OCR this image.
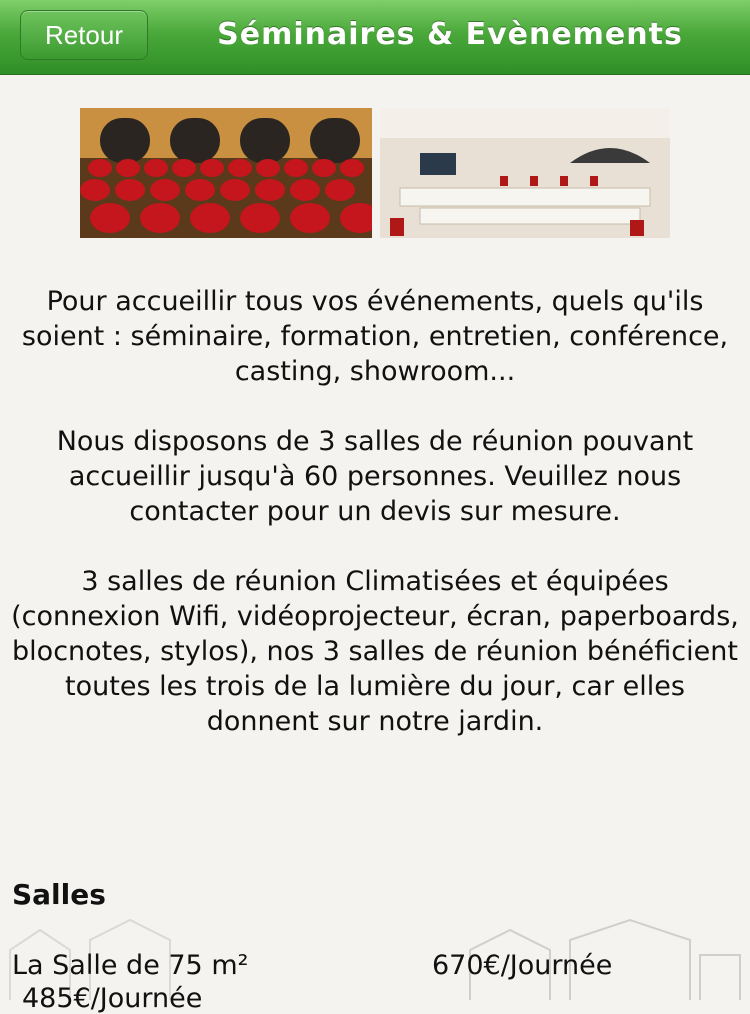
Retour	Séminaires & Evènements

Pour accueillir tous vos événements, quels qu'ils soient : séminaire, formation, entretien, conférence, casting, showroom...

Nous disposons de 3 salles de réunion pouvant accueillir jusqu'à 60 personnes. Veuillez nous contacter pour un devis sur mesure.

3 salles de réunion Climatisées et équipées (connexion Wifi, vidéoprojecteur, écran, paperboards, blocnotes, stylos), nos 3 salles de réunion bénéficient toutes les trois de la lumière du jour, car elles donnent sur notre jardin.

Salles
La Salle de 75 m²	670€/Journée
485€/Journée
